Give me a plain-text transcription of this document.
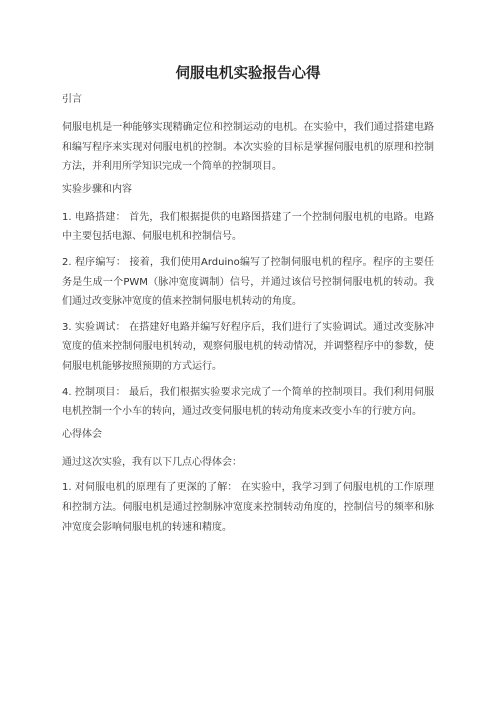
伺服电机实验报告心得

引言

伺服电机是一种能够实现精确定位和控制运动的电机。在实验中，我们通过搭建电路和编写程序来实现对伺服电机的控制。本次实验的目标是掌握伺服电机的原理和控制方法，并利用所学知识完成一个简单的控制项目。

实验步骤和内容

1. 电路搭建： 首先，我们根据提供的电路图搭建了一个控制伺服电机的电路。电路中主要包括电源、伺服电机和控制信号。

2. 程序编写： 接着，我们使用Arduino编写了控制伺服电机的程序。程序的主要任务是生成一个PWM（脉冲宽度调制）信号，并通过该信号控制伺服电机的转动。我们通过改变脉冲宽度的值来控制伺服电机转动的角度。

3. 实验调试： 在搭建好电路并编写好程序后，我们进行了实验调试。通过改变脉冲宽度的值来控制伺服电机转动，观察伺服电机的转动情况，并调整程序中的参数，使伺服电机能够按照预期的方式运行。

4. 控制项目： 最后，我们根据实验要求完成了一个简单的控制项目。我们利用伺服电机控制一个小车的转向，通过改变伺服电机的转动角度来改变小车的行驶方向。

心得体会

通过这次实验，我有以下几点心得体会：

1. 对伺服电机的原理有了更深的了解： 在实验中，我学习到了伺服电机的工作原理和控制方法。伺服电机是通过控制脉冲宽度来控制转动角度的，控制信号的频率和脉冲宽度会影响伺服电机的转速和精度。
